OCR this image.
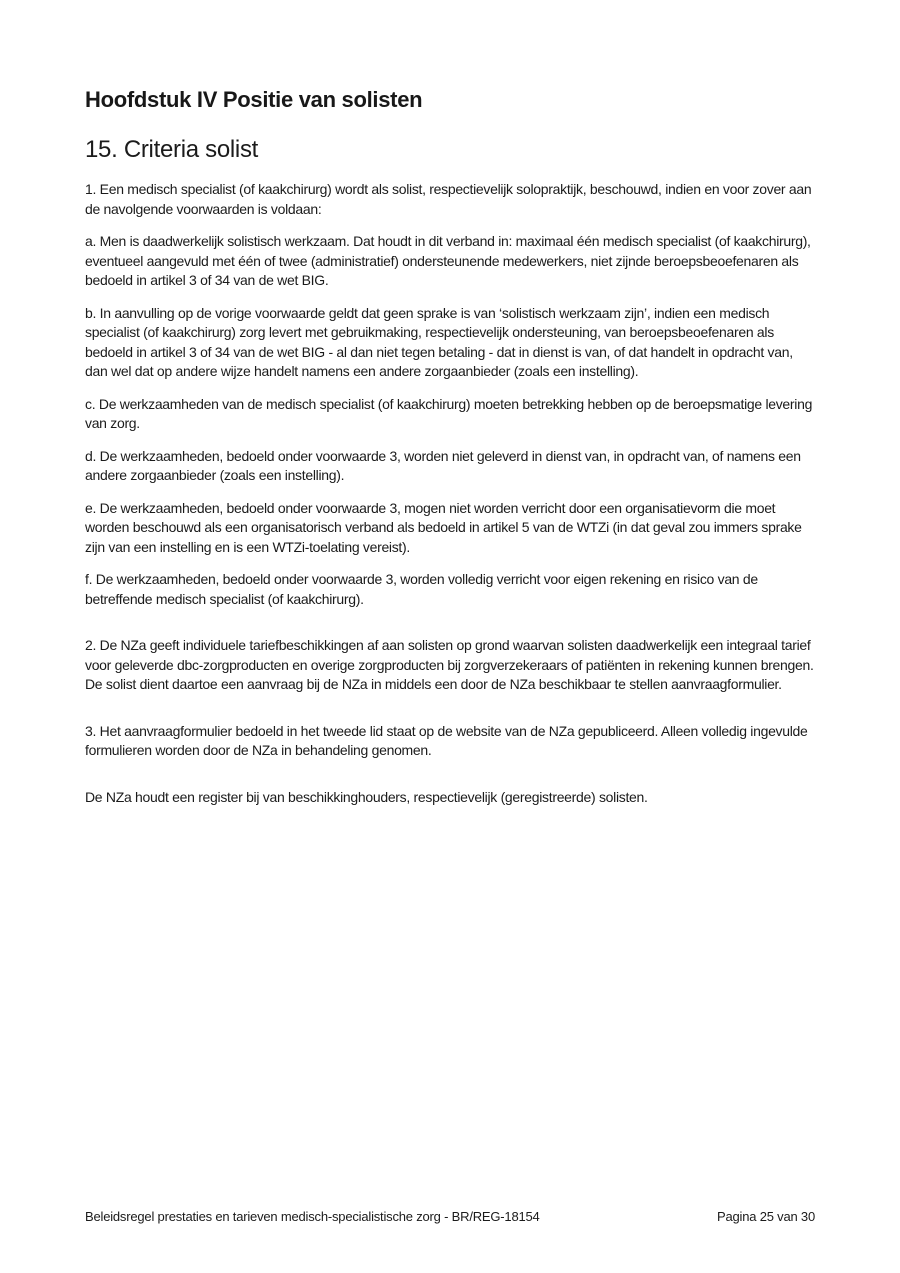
Hoofdstuk IV Positie van solisten
15. Criteria solist

1. Een medisch specialist (of kaakchirurg) wordt als solist, respectievelijk solopraktijk, beschouwd, indien en voor zover aan de navolgende voorwaarden is voldaan:

a. Men is daadwerkelijk solistisch werkzaam. Dat houdt in dit verband in: maximaal één medisch specialist (of kaakchirurg), eventueel aangevuld met één of twee (administratief) ondersteunende medewerkers, niet zijnde beroepsbeoefenaren als bedoeld in artikel 3 of 34 van de wet BIG.

b. In aanvulling op de vorige voorwaarde geldt dat geen sprake is van ‘solistisch werkzaam zijn’, indien een medisch specialist (of kaakchirurg) zorg levert met gebruikmaking, respectievelijk ondersteuning, van beroepsbeoefenaren als bedoeld in artikel 3 of 34 van de wet BIG - al dan niet tegen betaling - dat in dienst is van, of dat handelt in opdracht van, dan wel dat op andere wijze handelt namens een andere zorgaanbieder (zoals een instelling).

c. De werkzaamheden van de medisch specialist (of kaakchirurg) moeten betrekking hebben op de beroepsmatige levering van zorg.

d. De werkzaamheden, bedoeld onder voorwaarde 3, worden niet geleverd in dienst van, in opdracht van, of namens een andere zorgaanbieder (zoals een instelling).

e. De werkzaamheden, bedoeld onder voorwaarde 3, mogen niet worden verricht door een organisatievorm die moet worden beschouwd als een organisatorisch verband als bedoeld in artikel 5 van de WTZi (in dat geval zou immers sprake zijn van een instelling en is een WTZi-toelating vereist).

f. De werkzaamheden, bedoeld onder voorwaarde 3, worden volledig verricht voor eigen rekening en risico van de betreffende medisch specialist (of kaakchirurg).

2. De NZa geeft individuele tariefbeschikkingen af aan solisten op grond waarvan solisten daadwerkelijk een integraal tarief voor geleverde dbc-zorgproducten en overige zorgproducten bij zorgverzekeraars of patiënten in rekening kunnen brengen. De solist dient daartoe een aanvraag bij de NZa in middels een door de NZa beschikbaar te stellen aanvraagformulier.

3. Het aanvraagformulier bedoeld in het tweede lid staat op de website van de NZa gepubliceerd. Alleen volledig ingevulde formulieren worden door de NZa in behandeling genomen.

De NZa houdt een register bij van beschikkinghouders, respectievelijk (geregistreerde) solisten.

Beleidsregel prestaties en tarieven medisch-specialistische zorg - BR/REG-18154	Pagina 25 van 30
